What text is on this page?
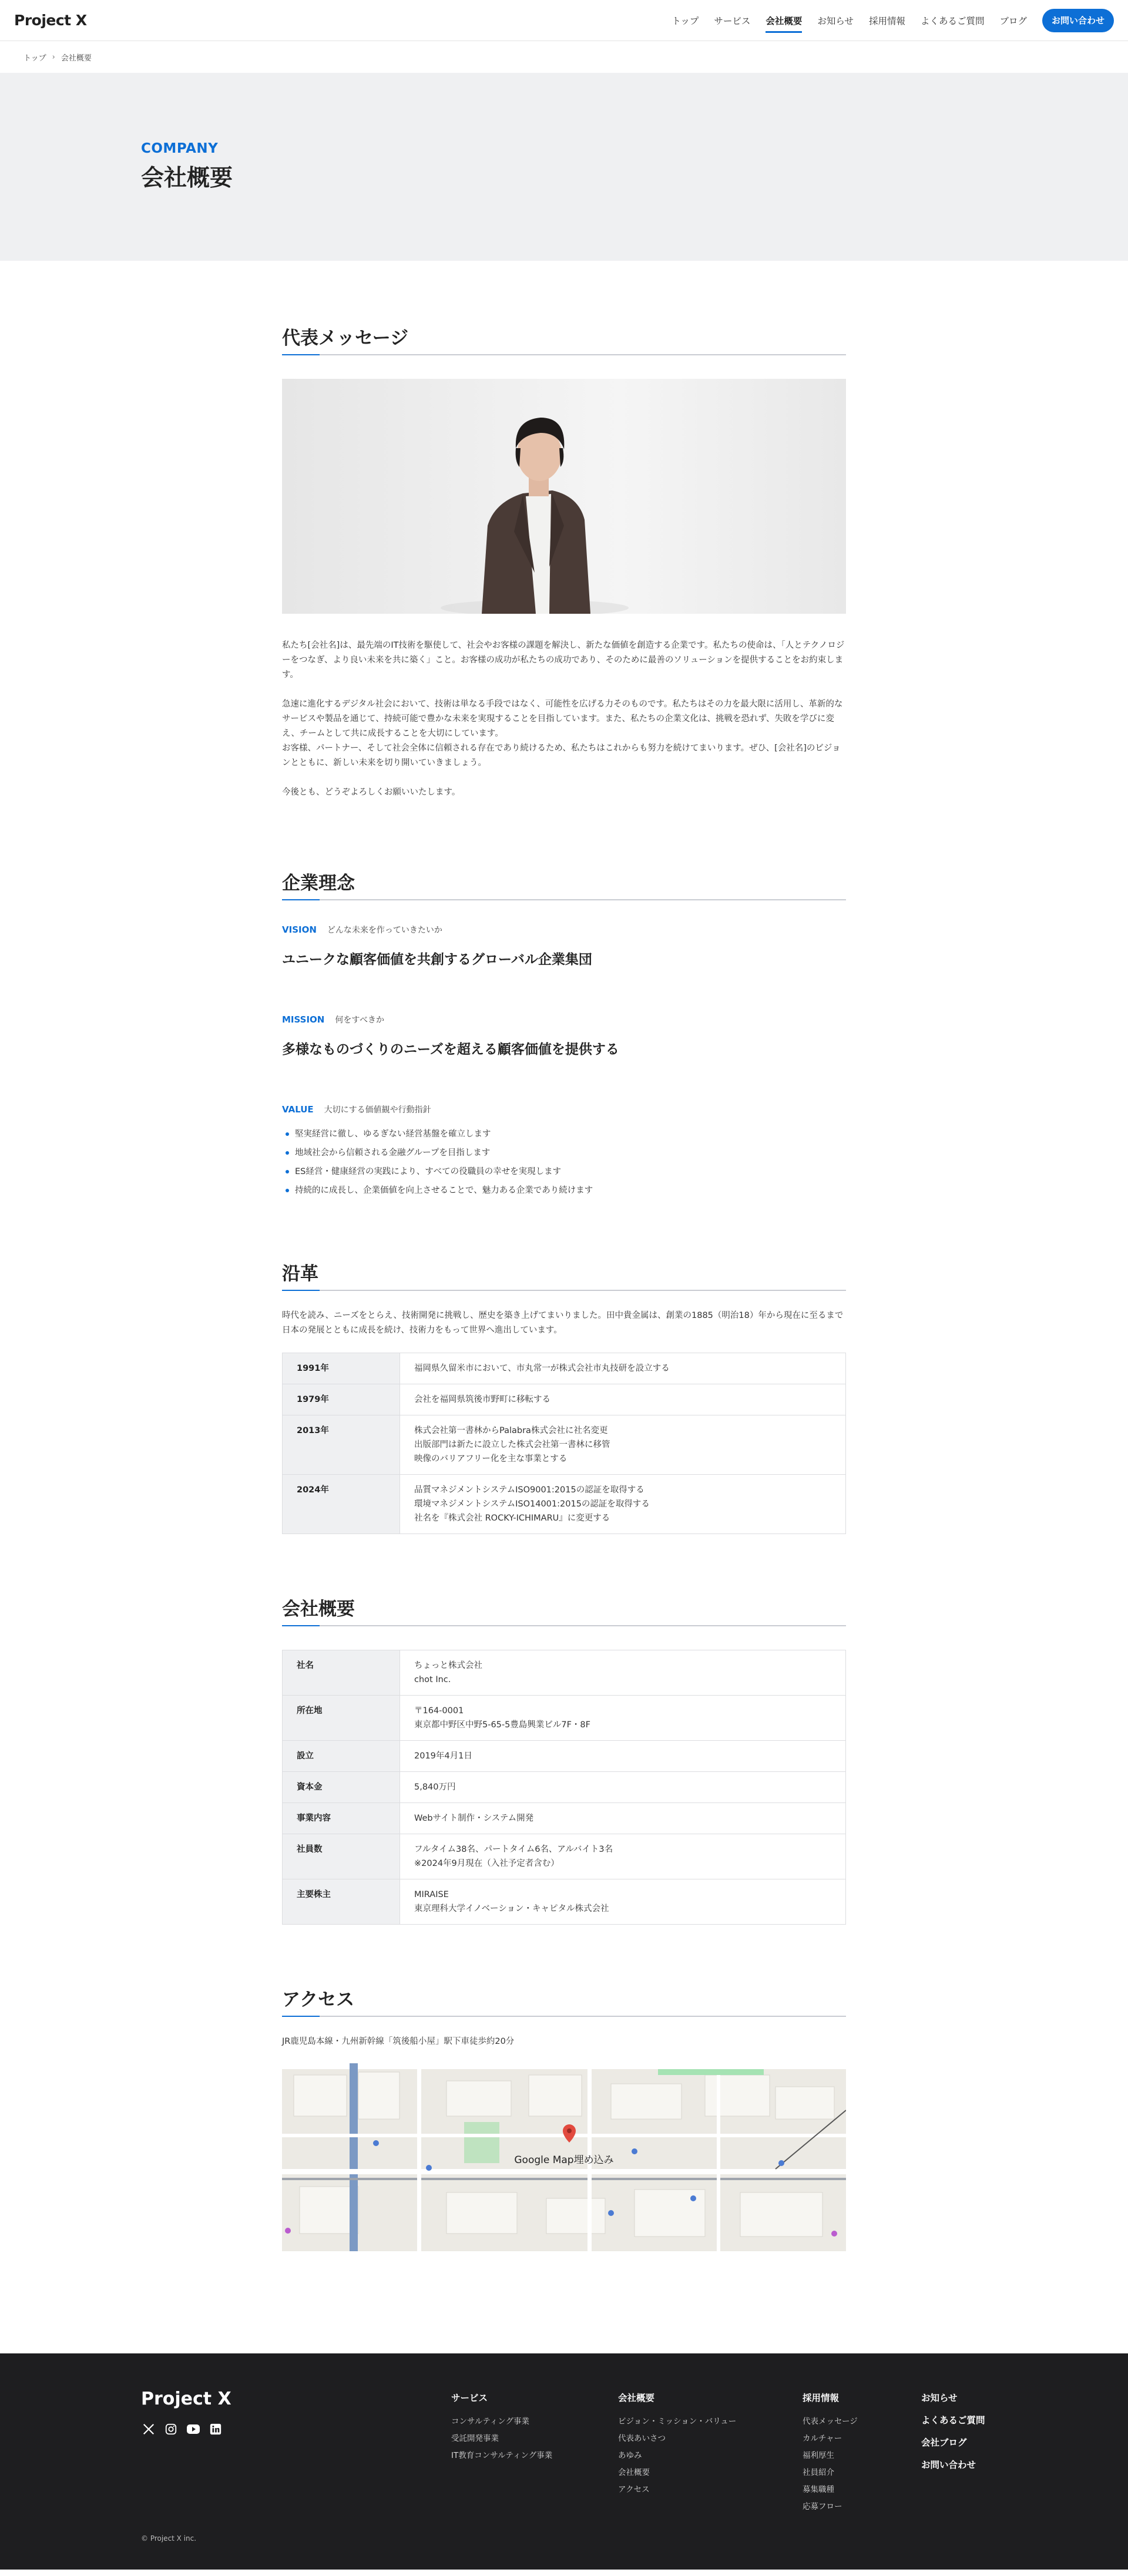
Project X	トップ サービス 会社概要 お知らせ 採用情報 よくあるご質問 ブログ	お問い合わせ
トップ › 会社概要
COMPANY
会社概要
代表メッセージ

私たち[会社名]は、最先端のIT技術を駆使して、社会やお客様の課題を解決し、新たな価値を創造する企業です。私たちの使命は、「人とテクノロジーをつなぎ、より良い未来を共に築く」こと。お客様の成功が私たちの成功であり、そのために最善のソリューションを提供することをお約束します。

急速に進化するデジタル社会において、技術は単なる手段ではなく、可能性を広げる力そのものです。私たちはその力を最大限に活用し、革新的なサービスや製品を通じて、持続可能で豊かな未来を実現することを目指しています。また、私たちの企業文化は、挑戦を恐れず、失敗を学びに変え、チームとして共に成長することを大切にしています。
お客様、パートナー、そして社会全体に信頼される存在であり続けるため、私たちはこれからも努力を続けてまいります。ぜひ、[会社名]のビジョンとともに、新しい未来を切り開いていきましょう。

今後とも、どうぞよろしくお願いいたします。

企業理念
VISION どんな未来を作っていきたいか
ユニークな顧客価値を共創するグローバル企業集団
MISSION 何をすべきか
多様なものづくりのニーズを超える顧客価値を提供する
VALUE 大切にする価値観や行動指針
堅実経営に徹し、ゆるぎない経営基盤を確立します
地域社会から信頼される金融グループを目指します
ES経営・健康経営の実践により、すべての役職員の幸せを実現します
持続的に成長し、企業価値を向上させることで、魅力ある企業であり続けます
沿革

時代を読み、ニーズをとらえ、技術開発に挑戦し、歴史を築き上げてまいりました。田中貴金属は、創業の1885（明治18）年から現在に至るまで日本の発展とともに成長を続け、技術力をもって世界へ進出しています。

1991年	福岡県久留米市において、市丸常一が株式会社市丸技研を設立する

1979年	会社を福岡県筑後市野町に移転する

2013年	株式会社第一書林からPalabra株式会社に社名変更
出版部門は新たに設立した株式会社第一書林に移管
映像のバリアフリー化を主な事業とする

2024年	品質マネジメントシステムISO9001:2015の認証を取得する
環境マネジメントシステムISO14001:2015の認証を取得する
社名を『株式会社 ROCKY-ICHIMARU』に変更する
会社概要
社名	ちょっと株式会社
chot Inc.

所在地	〒164-0001
東京都中野区中野5-65-5豊島興業ビル7F・8F

設立	2019年4月1日

資本金	5,840万円

事業内容	Webサイト制作・システム開発

社員数	フルタイム38名、パートタイム6名、アルバイト3名
※2024年9月現在（入社予定者含む）

主要株主	MIRAISE
東京理科大学イノベーション・キャピタル株式会社
アクセス

JR鹿児島本線・九州新幹線「筑後船小屋」駅下車徒歩約20分

Google Map埋め込み
Project X	サービス
コンサルティング事業
受託開発事業
IT教育コンサルティング事業
会社概要
ビジョン・ミッション・バリュー
代表あいさつ
あゆみ
会社概要
アクセス
採用情報
代表メッセージ
カルチャー
福利厚生
社員紹介
募集職種
応募フロー
お知らせ
よくあるご質問
会社ブログ
お問い合わせ
© Project X inc.
